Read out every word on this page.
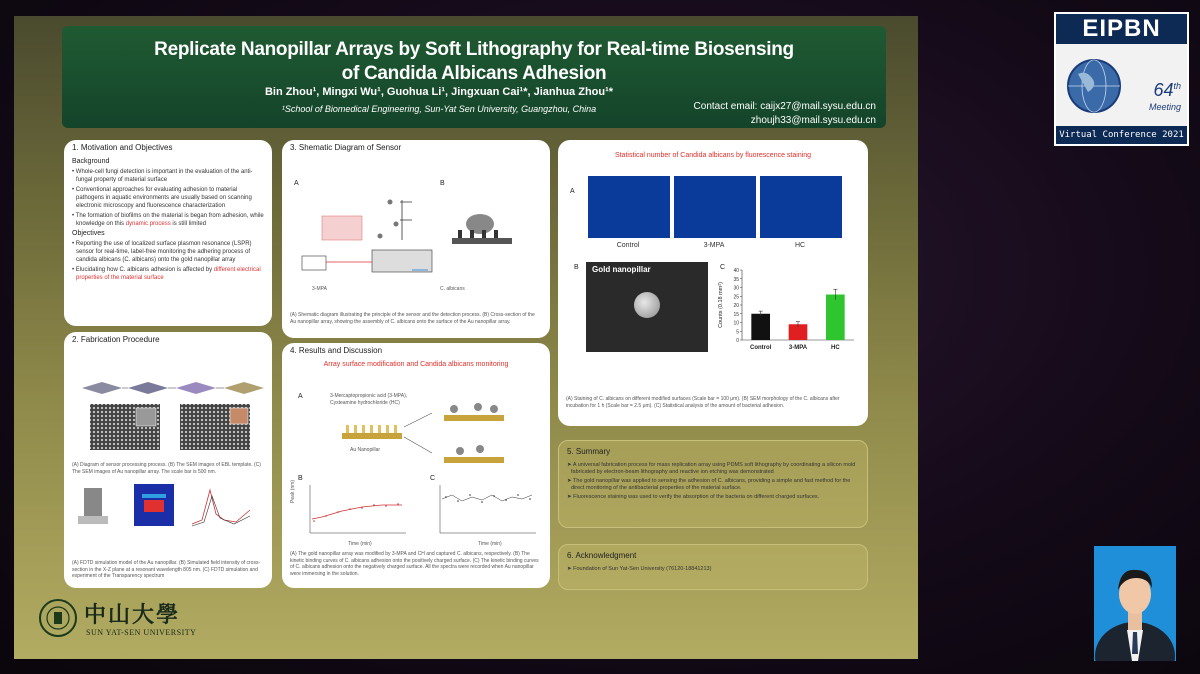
Replicate Nanopillar Arrays by Soft Lithography for Real-time Biosensing
of Candida Albicans Adhesion
Bin Zhou¹, Mingxi Wu¹, Guohua Li¹, Jingxuan Cai¹*, Jianhua Zhou¹*
¹School of Biomedical Engineering, Sun-Yat Sen University, Guangzhou, China	Contact email: caijx27@mail.sysu.edu.cn
zhoujh33@mail.sysu.edu.cn
1. Motivation and Objectives
Background
• Whole-cell fungi detection is important in the evaluation of the anti-fungal property of material surface
• Conventional approaches for evaluating adhesion to material pathogens in aquatic environments are usually based on scanning electronic microscopy and fluorescence characterization
• The formation of biofilms on the material is began from adhesion, while knowledge on this dynamic process is still limited
Objectives
• Reporting the use of localized surface plasmon resonance (LSPR) sensor for real-time, label-free monitoring the adhering process of candida albicans (C. albicans) onto the gold nanopillar array
• Elucidating how C. albicans adhesion is affected by different electrical properties of the material surface
2. Fabrication Procedure
(A) Diagram of sensor processing process. (B) The SEM images of EBL template. (C) The SEM images of Au nanopillar array. The scale bar is 500 nm.
(A) FDTD simulation model of the Au nanopillar. (B) Simulated field intensity of cross-section in the X-Z plane at a resonant wavelength 805 nm. (C) FDTD simulation and experiment of the Transparency spectrum
3. Shematic Diagram of Sensor
A	B
3-MPA	C. albicans
(A) Shematic diagram illustrating the principle of the sensor and the detection process. (B) Cross-section of the Au nanopillar array, showing the assembly of C. albicans onto the surface of the Au nanopillar array.
4. Results and Discussion
Array surface modification and Candida albicans monitoring
A	3-Mercaptopropionic acid (3-MPA), Cysteamine hydrochloride (HC)
Au Nanopillar
B	C
Time (min)	Time (min)
Peak (nm)
(A) The gold nanopillar array was modified by 3-MPA and CH and captured C. albicans, respectively. (B) The kinetic binding curves of C. albicans adhesion onto the positively charged surface. (C) The kinetic binding curves of C. albicans adhesion onto the negatively charged surface. All the spectra were recorded when Au nanopillar were immersing in the solution.
Statistical number of Candida albicans by fluorescence staining
A
Control	3-MPA	HC
B Gold nanopillar	C
0
5
10
15
20
25
30
35
40
Control	3-MPA	HC
Counts (0.18 mm²)
(A) Staining of C. albicans on different modified surfaces (Scale bar = 100 μm). (B) SEM morphology of the C. albicans after incubation for 1 h (Scale bar = 2.5 μm). (C) Statistical analysis of the amount of bacterial adhesion.
5. Summary
➤ A universal fabrication process for mass replication array using PDMS soft lithography by coordinating a silicon mold fabricated by electron-beam lithography and reactive ion etching was demonstrated
➤ The gold nanopillar was applied to sensing the adhesion of C. albicans, providing a simple and fast method for the direct monitoring of the antibacterial properties of the material surface.
➤ Fluorescence staining was used to verify the absorption of the bacteria on different charged surfaces.
6. Acknowledgment
➤ Foundation of Sun Yat-Sen University (76120-18841213)
中山大學
SUN YAT-SEN UNIVERSITY
EIPBN
64th
Meeting
Virtual Conference 2021
